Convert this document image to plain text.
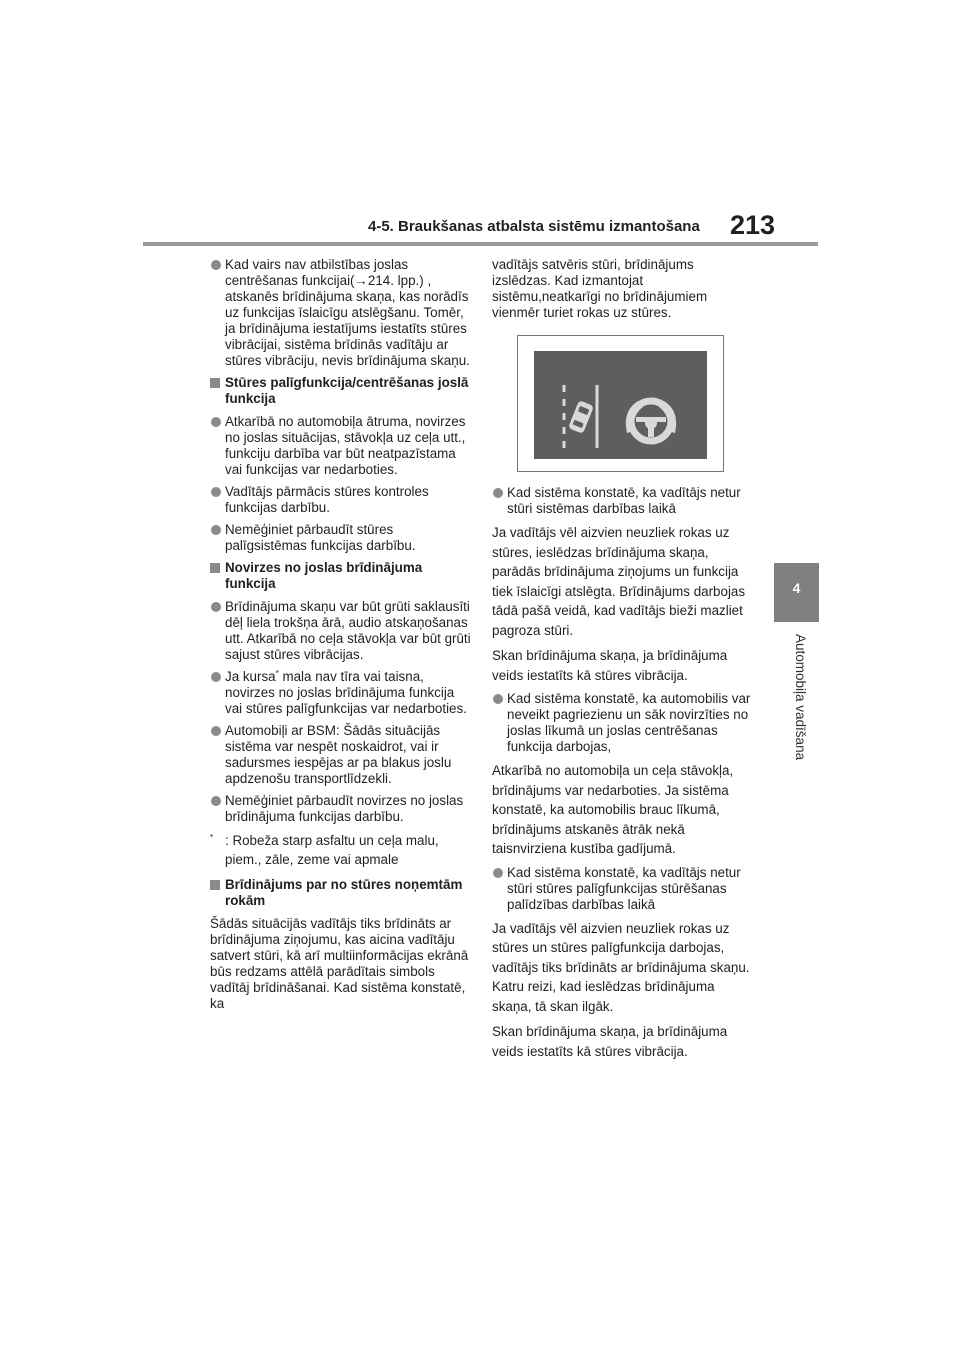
4-5. Braukšanas atbalsta sistēmu izmantošana 213
4
Automobiļa vadīšana
Kad vairs nav atbilstības joslas centrēšanas funkcijai(→214. lpp.) , atskanēs brīdinājuma skaņa, kas norādīs uz funkcijas īslaicīgu atslēgšanu. Tomēr, ja brīdinājuma iestatījums iestatīts stūres vibrācijai, sistēma brīdinās vadītāju ar stūres vibrāciju, nevis brīdinājuma skaņu.
Stūres palīgfunkcija/centrēšanas joslā funkcija
Atkarībā no automobiļa ātruma, novirzes no joslas situācijas, stāvokļa uz ceļa utt., funkciju darbība var būt neatpazīstama vai funkcijas var nedarboties.
Vadītājs pārmācis stūres kontroles funkcijas darbību.
Nemēģiniet pārbaudīt stūres palīgsistēmas funkcijas darbību.
Novirzes no joslas brīdinājuma funkcija
Brīdinājuma skaņu var būt grūti saklausīti dēļ liela trokšņa ārā, audio atskaņošanas utt. Atkarībā no ceļa stāvokļa var būt grūti sajust stūres vibrācijas.
Ja kursa* mala nav tīra vai taisna, novirzes no joslas brīdinājuma funkcija vai stūres palīgfunkcijas var nedarboties.
Automobiļi ar BSM: Šādās situācijās sistēma var nespēt noskaidrot, vai ir sadursmes iespējas ar pa blakus joslu apdzenošu transportlīdzekli.
Nemēģiniet pārbaudīt novirzes no joslas brīdinājuma funkcijas darbību.
* : Robeža starp asfaltu un ceļa malu, piem., zāle, zeme vai apmale
Brīdinājums par no stūres noņemtām rokām
Šādās situācijās vadītājs tiks brīdināts ar brīdinājuma ziņojumu, kas aicina vadītāju satvert stūri, kā arī multiinformācijas ekrānā būs redzams attēlā parādītais simbols vadītāj brīdināšanai. Kad sistēma konstatē, ka
vadītājs satvēris stūri, brīdinājums izslēdzas. Kad izmantojat sistēmu,neatkarīgi no brīdinājumiem vienmēr turiet rokas uz stūres.
Kad sistēma konstatē, ka vadītājs netur stūri sistēmas darbības laikā
Ja vadītājs vēl aizvien neuzliek rokas uz stūres, ieslēdzas brīdinājuma skaņa, parādās brīdinājuma ziņojums un funkcija tiek īslaicīgi atslēgta. Brīdinājums darbojas tādā pašā veidā, kad vadītājs bieži mazliet pagroza stūri.
Skan brīdinājuma skaņa, ja brīdinājuma veids iestatīts kā stūres vibrācija.
Kad sistēma konstatē, ka automobilis var neveikt pagriezienu un sāk novirzīties no joslas līkumā un joslas centrēšanas funkcija darbojas,
Atkarībā no automobiļa un ceļa stāvokļa, brīdinājums var nedarboties. Ja sistēma konstatē, ka automobilis brauc līkumā, brīdinājums atskanēs ātrāk nekā taisnvirziena kustība gadījumā.
Kad sistēma konstatē, ka vadītājs netur stūri stūres palīgfunkcijas stūrēšanas palīdzības darbības laikā
Ja vadītājs vēl aizvien neuzliek rokas uz stūres un stūres palīgfunkcija darbojas, vadītājs tiks brīdināts ar brīdinājuma skaņu. Katru reizi, kad ieslēdzas brīdinājuma skaņa, tā skan ilgāk.
Skan brīdinājuma skaņa, ja brīdinājuma veids iestatīts kā stūres vibrācija.
